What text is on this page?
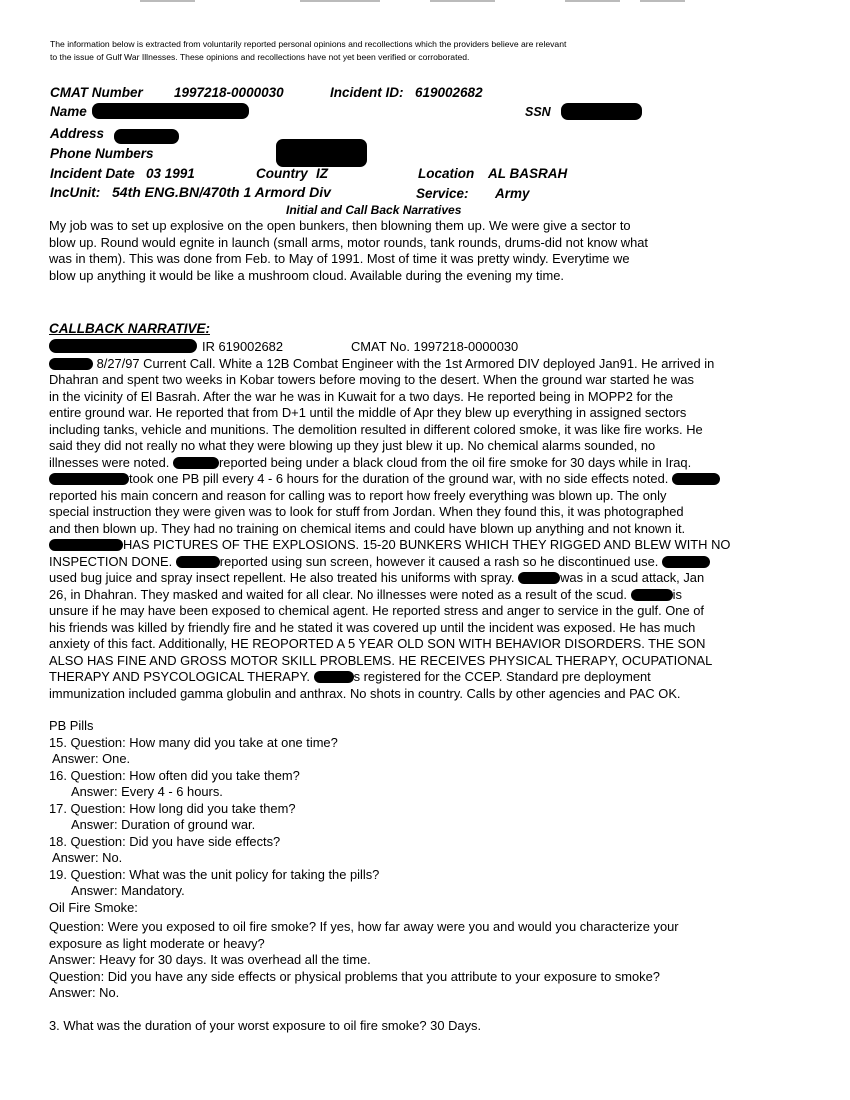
The information below is extracted from voluntarily reported personal opinions and recollections which the providers believe are relevant to the issue of Gulf War Illnesses. These opinions and recollections have not yet been verified or corroborated.
CMAT Number 1997218-0000030	Incident ID: 619002682
Name	SSN
Address
Phone Numbers
Incident Date 03 1991	Country IZ	Location AL BASRAH
IncUnit: 54th ENG.BN/470th 1 Armord Div	Service: Army
Initial and Call Back Narratives
My job was to set up explosive on the open bunkers, then blowning them up. We were give a sector to
blow up. Round would egnite in launch (small arms, motor rounds, tank rounds, drums-did not know what
was in them). This was done from Feb. to May of 1991. Most of time it was pretty windy. Everytime we
blow up anything it would be like a mushroom cloud. Available during the evening my time.
CALLBACK NARRATIVE:
IR 619002682	CMAT No. 1997218-0000030
8/27/97 Current Call. White a 12B Combat Engineer with the 1st Armored DIV deployed Jan91. He arrived in
Dhahran and spent two weeks in Kobar towers before moving to the desert. When the ground war started he was
in the vicinity of El Basrah. After the war he was in Kuwait for a two days. He reported being in MOPP2 for the
entire ground war. He reported that from D+1 until the middle of Apr they blew up everything in assigned sectors
including tanks, vehicle and munitions. The demolition resulted in different colored smoke, it was like fire works. He
said they did not really no what they were blowing up they just blew it up. No chemical alarms sounded, no
illnesses were noted.	reported being under a black cloud from the oil fire smoke for 30 days while in Iraq.
took one PB pill every 4 - 6 hours for the duration of the ground war, with no side effects noted.
reported his main concern and reason for calling was to report how freely everything was blown up. The only
special instruction they were given was to look for stuff from Jordan. When they found this, it was photographed
and then blown up. They had no training on chemical items and could have blown up anything and not known it.
HAS PICTURES OF THE EXPLOSIONS. 15-20 BUNKERS WHICH THEY RIGGED AND BLEW WITH NO
INSPECTION DONE.	reported using sun screen, however it caused a rash so he discontinued use.
used bug juice and spray insect repellent. He also treated his uniforms with spray.	was in a scud attack, Jan
26, in Dhahran. They masked and waited for all clear. No illnesses were noted as a result of the scud.	is
unsure if he may have been exposed to chemical agent. He reported stress and anger to service in the gulf. One of
his friends was killed by friendly fire and he stated it was covered up until the incident was exposed. He has much
anxiety of this fact. Additionally, HE REOPORTED A 5 YEAR OLD SON WITH BEHAVIOR DISORDERS. THE SON
ALSO HAS FINE AND GROSS MOTOR SKILL PROBLEMS. HE RECEIVES PHYSICAL THERAPY, OCUPATIONAL
THERAPY AND PSYCOLOGICAL THERAPY.	s registered for the CCEP. Standard pre deployment
immunization included gamma globulin and anthrax. No shots in country. Calls by other agencies and PAC OK.
PB Pills
15. Question: How many did you take at one time?
Answer: One.
16. Question: How often did you take them?
Answer: Every 4 - 6 hours.
17. Question: How long did you take them?
Answer: Duration of ground war.
18. Question: Did you have side effects?
Answer: No.
19. Question: What was the unit policy for taking the pills?
Answer: Mandatory.
Oil Fire Smoke:
Question: Were you exposed to oil fire smoke? If yes, how far away were you and would you characterize your
exposure as light moderate or heavy?
Answer: Heavy for 30 days. It was overhead all the time.
Question: Did you have any side effects or physical problems that you attribute to your exposure to smoke?
Answer: No.
3. What was the duration of your worst exposure to oil fire smoke? 30 Days.
